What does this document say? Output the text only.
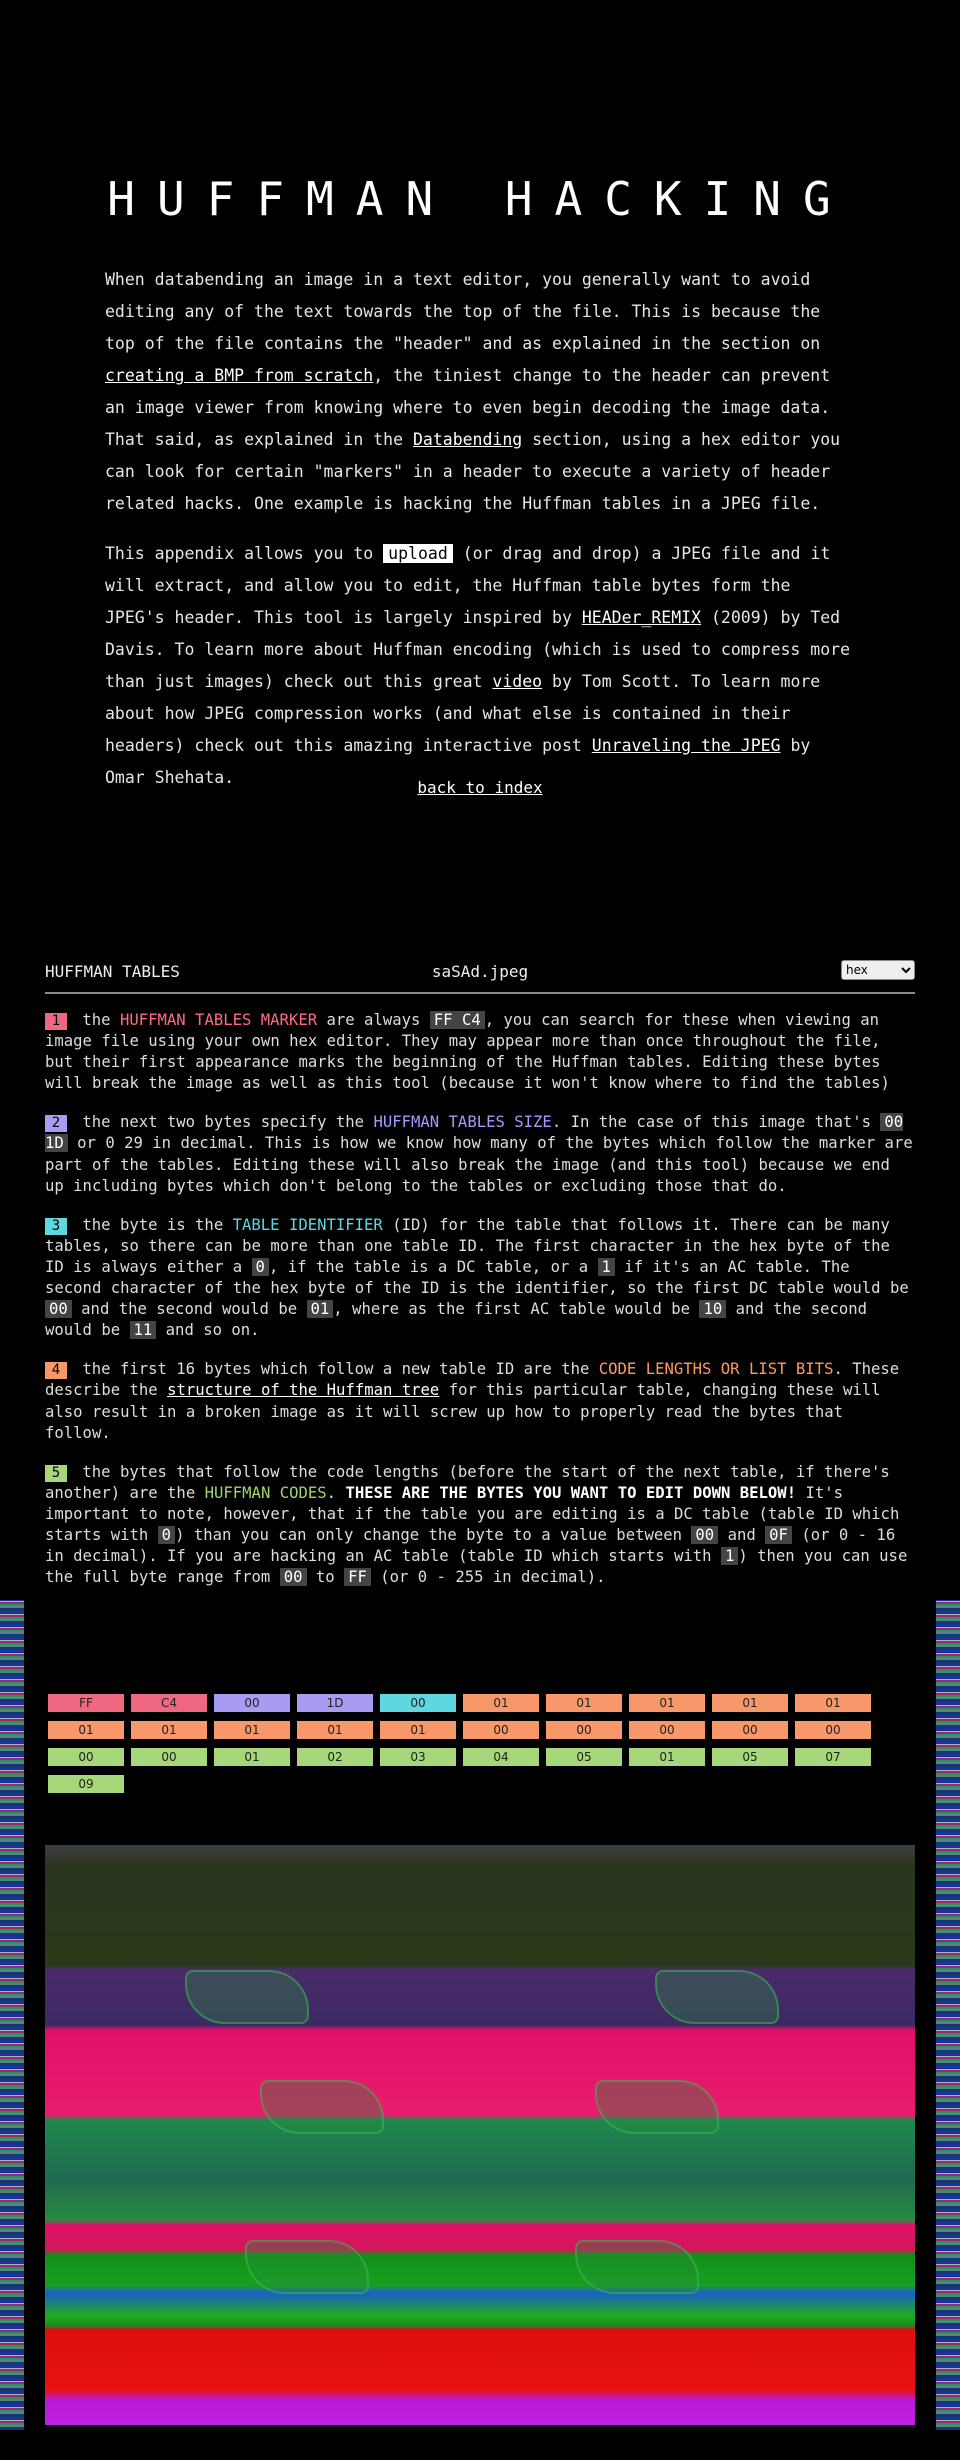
HUFFMAN HACKING

When databending an image in a text editor, you generally want to avoid editing any of the text towards the top of the file. This is because the top of the file contains the "header" and as explained in the section on creating a BMP from scratch, the tiniest change to the header can prevent an image viewer from knowing where to even begin decoding the image data. That said, as explained in the Databending section, using a hex editor you can look for certain "markers" in a header to execute a variety of header related hacks. One example is hacking the Huffman tables in a JPEG file.

This appendix allows you to upload (or drag and drop) a JPEG file and it will extract, and allow you to edit, the Huffman table bytes form the JPEG's header. This tool is largely inspired by HEADer_REMIX (2009) by Ted Davis. To learn more about Huffman encoding (which is used to compress more than just images) check out this great video by Tom Scott. To learn more about how JPEG compression works (and what else is contained in their headers) check out this amazing interactive post Unraveling the JPEG by Omar Shehata.

back to index
HUFFMAN TABLES	saSAd.jpeg
hex

1 the HUFFMAN TABLES MARKER are always FF C4 , you can search for these when viewing an image file using your own hex editor. They may appear more than once throughout the file, but their first appearance marks the beginning of the Huffman tables. Editing these bytes will break the image as well as this tool (because it won't know where to find the tables)

2 the next two bytes specify the HUFFMAN TABLES SIZE. In the case of this image that's 00 1D or 0 29 in decimal. This is how we know how many of the bytes which follow the marker are part of the tables. Editing these will also break the image (and this tool) because we end up including bytes which don't belong to the tables or excluding those that do.

3 the byte is the TABLE IDENTIFIER (ID) for the table that follows it. There can be many tables, so there can be more than one table ID. The first character in the hex byte of the ID is always either a 0 , if the table is a DC table, or a 1 if it's an AC table. The second character of the hex byte of the ID is the identifier, so the first DC table would be 00 and the second would be 01 , where as the first AC table would be 10 and the second would be 11 and so on.

4 the first 16 bytes which follow a new table ID are the CODE LENGTHS OR LIST BITS. These describe the structure of the Huffman tree for this particular table, changing these will also result in a broken image as it will screw up how to properly read the bytes that follow.

5 the bytes that follow the code lengths (before the start of the next table, if there's another) are the HUFFMAN CODES. THESE ARE THE BYTES YOU WANT TO EDIT DOWN BELOW! It's important to note, however, that if the table you are editing is a DC table (table ID which starts with 0 ) than you can only change the byte to a value between 00 and 0F (or 0 - 16 in decimal). If you are hacking an AC table (table ID which starts with 1 ) then you can use the full byte range from 00 to FF (or 0 - 255 in decimal).

FF	C4	00	1D	00	01	01	01	01	01
01	01	01	01	01	00	00	00	00	00
00	00	01	02	03	04	05	01	05	07
09
